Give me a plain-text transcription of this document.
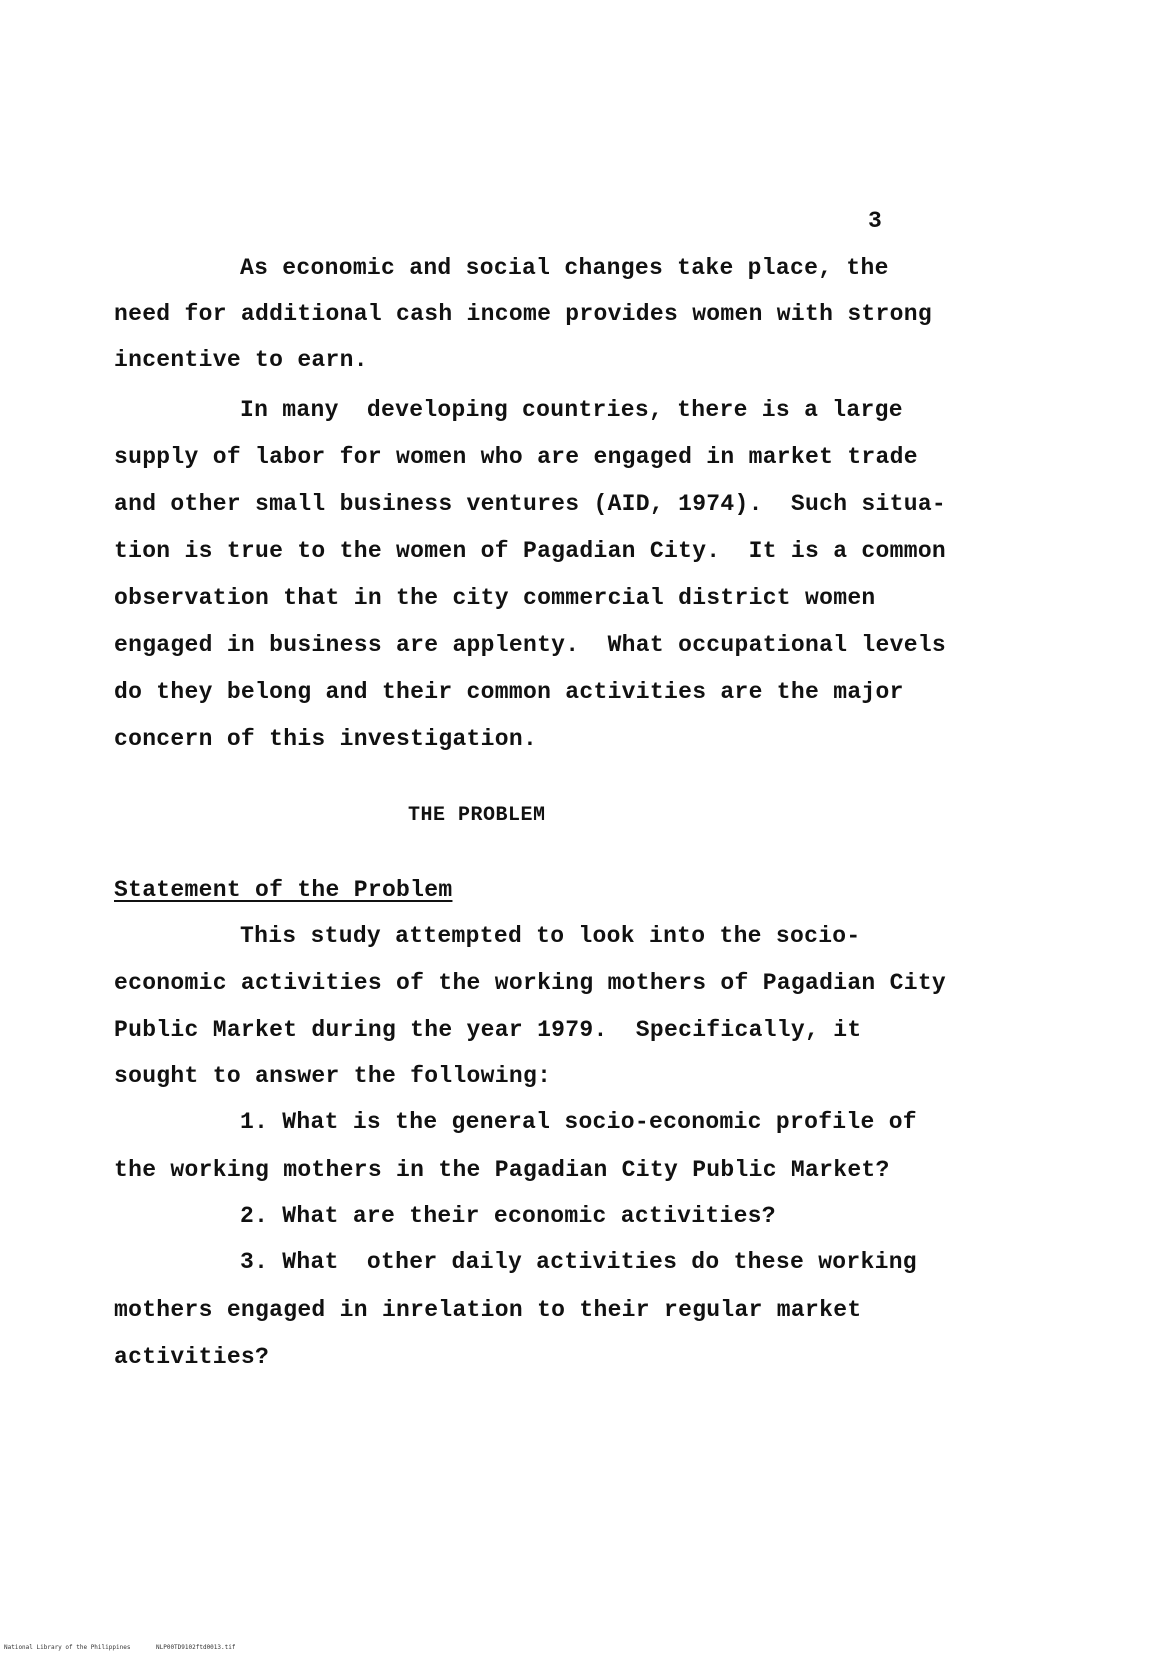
3
As economic and social changes take place, the
need for additional cash income provides women with strong
incentive to earn.
In many  developing countries, there is a large
supply of labor for women who are engaged in market trade
and other small business ventures (AID, 1974).  Such situa-
tion is true to the women of Pagadian City.  It is a common
observation that in the city commercial district women
engaged in business are applenty.  What occupational levels
do they belong and their common activities are the major
concern of this investigation.
THE PROBLEM
Statement of the Problem
This study attempted to look into the socio-
economic activities of the working mothers of Pagadian City
Public Market during the year 1979.  Specifically, it
sought to answer the following:
1. What is the general socio-economic profile of
the working mothers in the Pagadian City Public Market?
2. What are their economic activities?
3. What  other daily activities do these working
mothers engaged in inrelation to their regular market
activities?
National Library of the Philippines	NLP00TD9102ftd0013.tif
